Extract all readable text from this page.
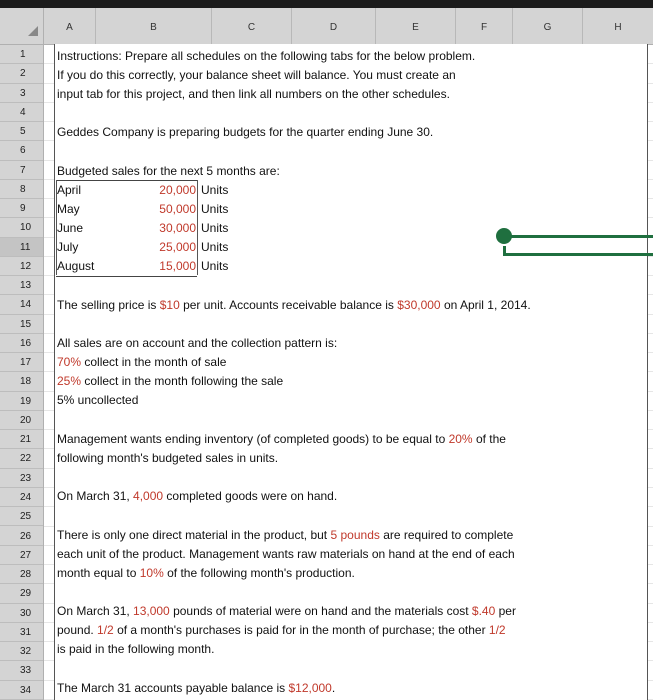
A	B	C	D	E	F	G	H
1
2
3
4
5
6
7
8
9
10
11
12
13
14
15
16
17
18
19
20
21
22
23
24
25
26
27
28
29
30
31
32
33
34
Instructions: Prepare all schedules on the following tabs for the below problem.
If you do this correctly, your balance sheet will balance. You must create an
input tab for this project, and then link all numbers on the other schedules.
Geddes Company is preparing budgets for the quarter ending June 30.
Budgeted sales for the next 5 months are:
April	20,000 Units
May	50,000 Units
June	30,000 Units
July	25,000 Units
August	15,000 Units
The selling price is $10 per unit. Accounts receivable balance is $30,000 on April 1, 2014.
All sales are on account and the collection pattern is:
70% collect in the month of sale
25% collect in the month following the sale
5% uncollected
Management wants ending inventory (of completed goods) to be equal to 20% of the
following month's budgeted sales in units.
On March 31, 4,000 completed goods were on hand.
There is only one direct material in the product, but 5 pounds are required to complete
each unit of the product. Management wants raw materials on hand at the end of each
month equal to 10% of the following month's production.
On March 31, 13,000 pounds of material were on hand and the materials cost $.40 per
pound. 1/2 of a month's purchases is paid for in the month of purchase; the other 1/2
is paid in the following month.
The March 31 accounts payable balance is $12,000.
